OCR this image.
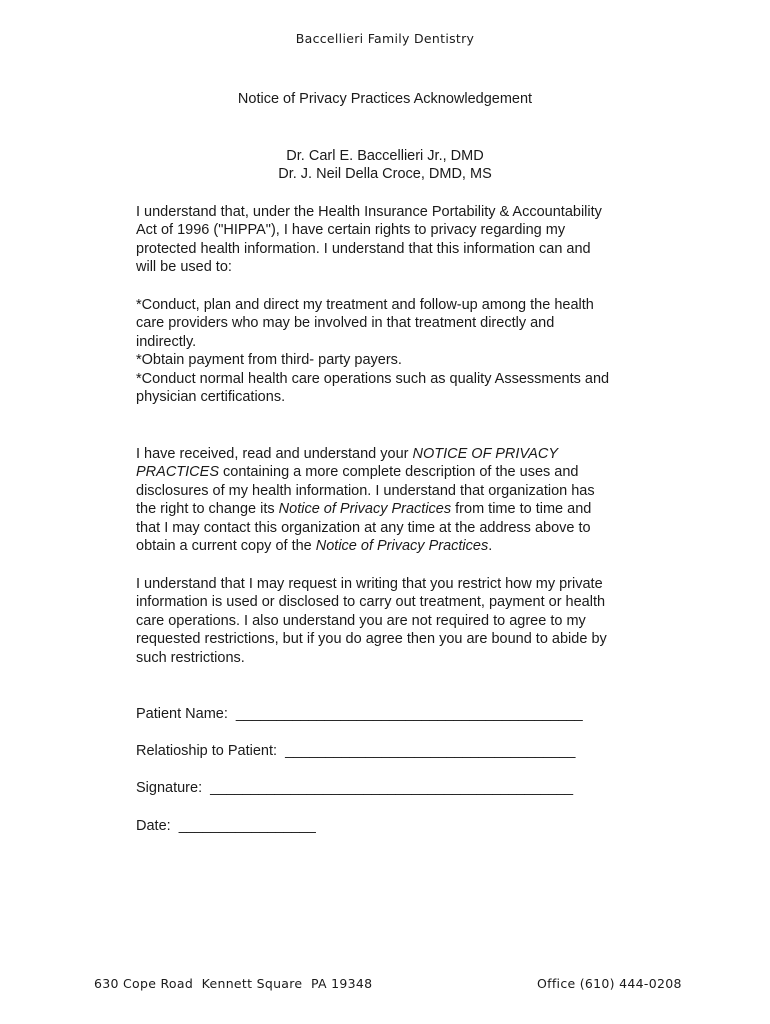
Baccellieri Family Dentistry
Notice of Privacy Practices Acknowledgement
Dr. Carl E. Baccellieri Jr., DMD
Dr. J. Neil Della Croce, DMD, MS

I understand that, under the Health Insurance Portability & Accountability

Act of 1996 ("HIPPA"), I have certain rights to privacy regarding my

protected health information. I understand that this information can and

will be used to:

*Conduct, plan and direct my treatment and follow-up among the health

care providers who may be involved in that treatment directly and

indirectly.

*Obtain payment from third- party payers.

*Conduct normal health care operations such as quality Assessments and

physician certifications.

I have received, read and understand your NOTICE OF PRIVACY

PRACTICES containing a more complete description of the uses and

disclosures of my health information. I understand that organization has

the right to change its Notice of Privacy Practices from time to time and

that I may contact this organization at any time at the address above to

obtain a current copy of the Notice of Privacy Practices.

I understand that I may request in writing that you restrict how my private

information is used or disclosed to carry out treatment, payment or health

care operations. I also understand you are not required to agree to my

requested restrictions, but if you do agree then you are bound to abide by

such restrictions.

Patient Name:  ___________________________________________
Relatioship to Patient:  ____________________________________
Signature:  _____________________________________________
Date:  _________________
630 Cope Road  Kennett Square  PA 19348	Office (610) 444-0208
